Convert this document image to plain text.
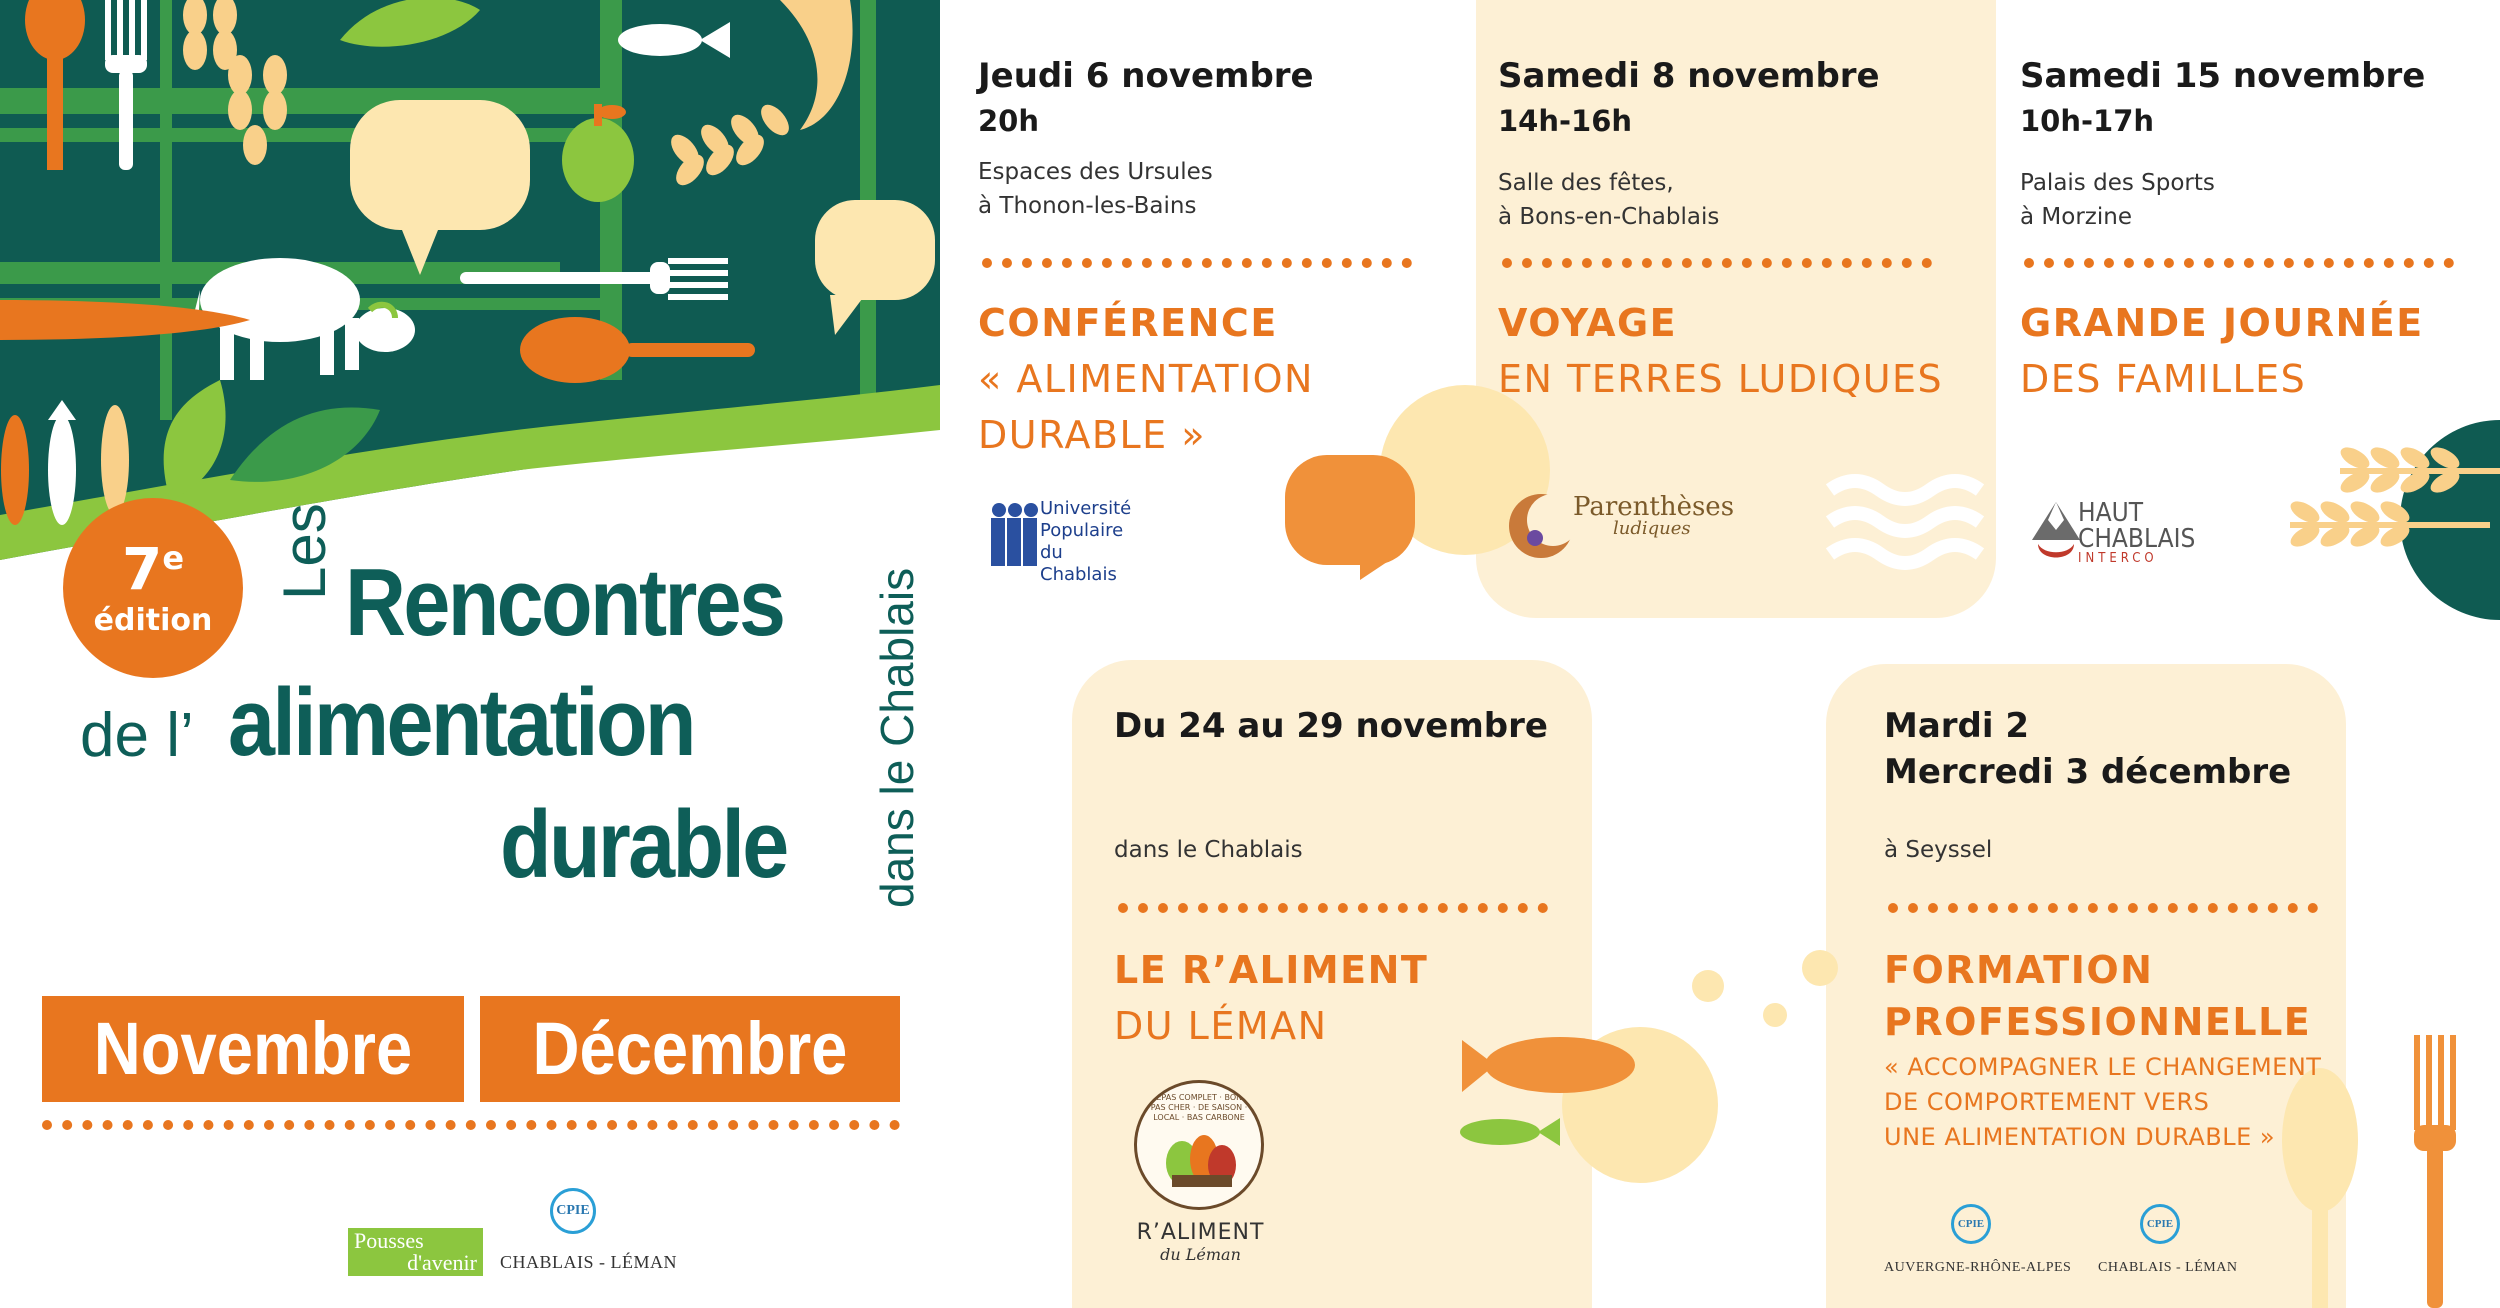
7e
édition
Les Rencontres
de l’ alimentation
durable dans le Chablais
Novembre	Décembre
Pousses
d'avenir
CPIE
CHABLAIS - LÉMAN
Jeudi 6 novembre
20h
Espaces des Ursules
à Thonon-les-Bains
CONFÉRENCE
« ALIMENTATION
DURABLE »
Université
Populaire
du Chablais
Samedi 8 novembre
14h-16h
Salle des fêtes,
à Bons-en-Chablais
VOYAGE
EN TERRES LUDIQUES
Parenthèses
ludiques
Samedi 15 novembre
10h-17h
Palais des Sports
à Morzine
GRANDE JOURNÉE
DES FAMILLES
HAUT
CHABLAIS
INTERCO
Du 24 au 29 novembre
dans le Chablais
LE R’ALIMENT
DU LÉMAN
REPAS COMPLET · BON · PAS CHER · DE SAISON · LOCAL · BAS CARBONE
R’ALIMENT
du Léman
Mardi 2
Mercredi 3 décembre
à Seyssel
FORMATION
PROFESSIONNELLE
« ACCOMPAGNER LE CHANGEMENT
DE COMPORTEMENT VERS
UNE ALIMENTATION DURABLE »
CPIE
AUVERGNE-RHÔNE-ALPES
CPIE
CHABLAIS - LÉMAN
